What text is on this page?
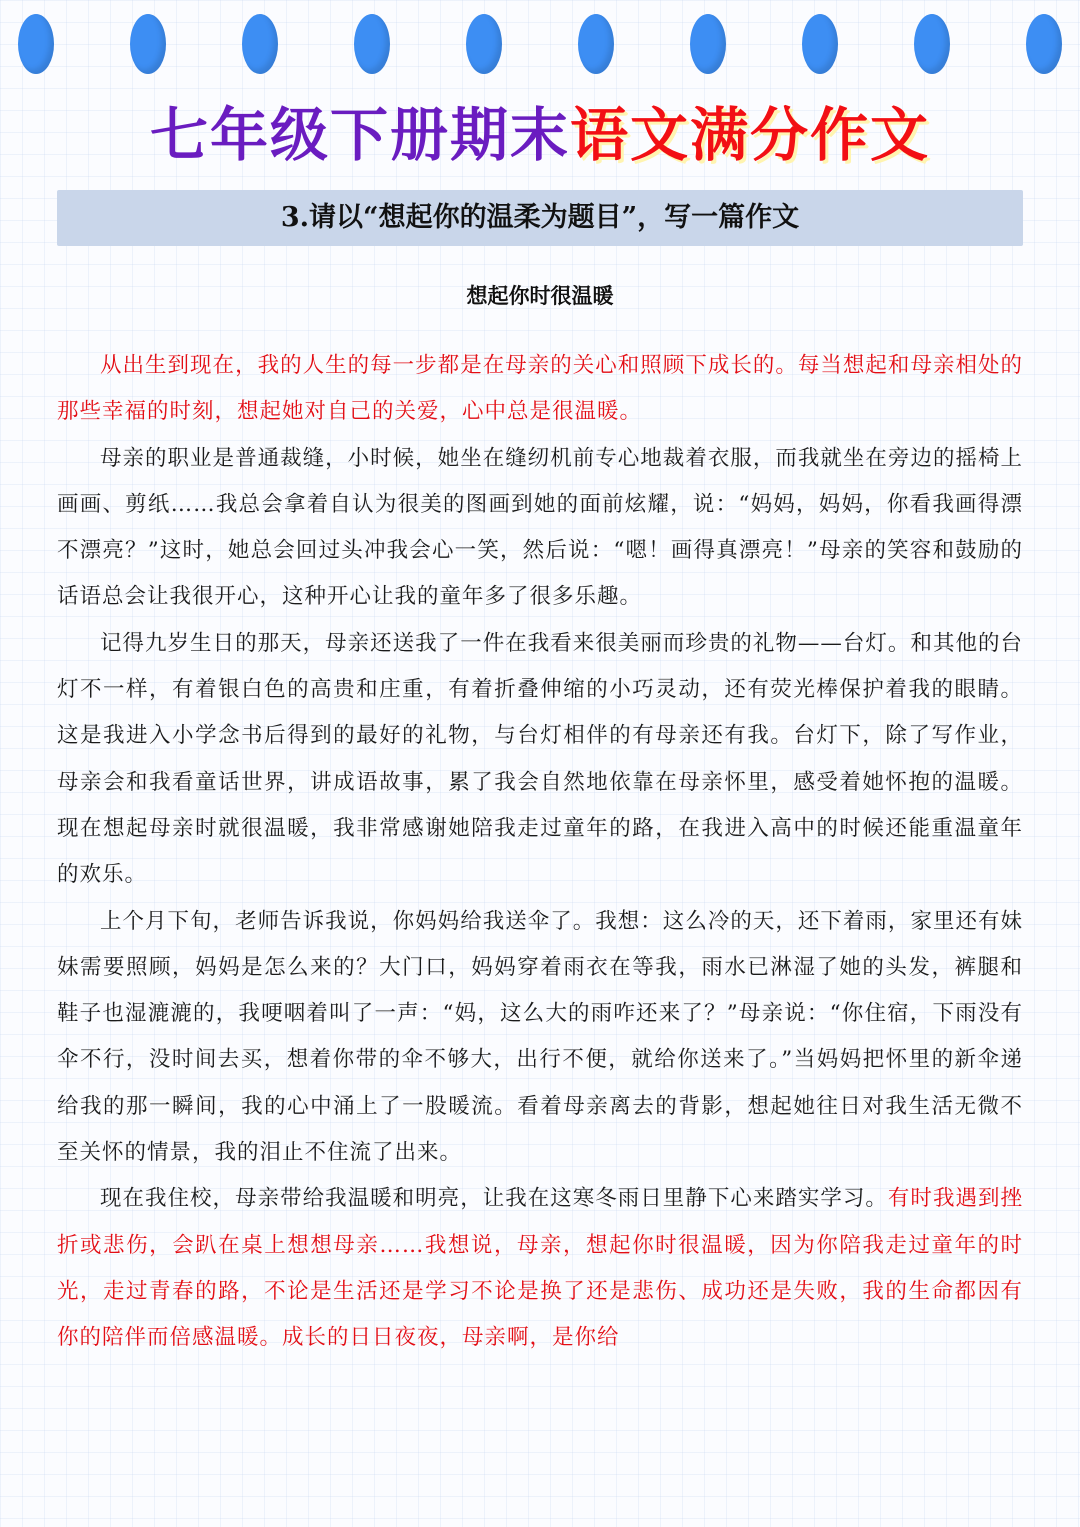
七年级下册期末语文满分作文
3.请以“想起你的温柔为题目”，写一篇作文
想起你时很温暖

从出生到现在，我的人生的每一步都是在母亲的关心和照顾下成长的。每当想起和母亲相处的那些幸福的时刻，想起她对自己的关爱，心中总是很温暖。

母亲的职业是普通裁缝，小时候，她坐在缝纫机前专心地裁着衣服，而我就坐在旁边的摇椅上画画、剪纸……我总会拿着自认为很美的图画到她的面前炫耀，说：“妈妈，妈妈，你看我画得漂不漂亮？”这时，她总会回过头冲我会心一笑，然后说：“嗯！画得真漂亮！”母亲的笑容和鼓励的话语总会让我很开心，这种开心让我的童年多了很多乐趣。

记得九岁生日的那天，母亲还送我了一件在我看来很美丽而珍贵的礼物——台灯。和其他的台灯不一样，有着银白色的高贵和庄重，有着折叠伸缩的小巧灵动，还有荧光棒保护着我的眼睛。这是我进入小学念书后得到的最好的礼物，与台灯相伴的有母亲还有我。台灯下，除了写作业，母亲会和我看童话世界，讲成语故事，累了我会自然地依靠在母亲怀里，感受着她怀抱的温暖。现在想起母亲时就很温暖，我非常感谢她陪我走过童年的路，在我进入高中的时候还能重温童年的欢乐。

上个月下旬，老师告诉我说，你妈妈给我送伞了。我想：这么冷的天，还下着雨，家里还有妹妹需要照顾，妈妈是怎么来的？大门口，妈妈穿着雨衣在等我，雨水已淋湿了她的头发，裤腿和鞋子也湿漉漉的，我哽咽着叫了一声：“妈，这么大的雨咋还来了？”母亲说：“你住宿，下雨没有伞不行，没时间去买，想着你带的伞不够大，出行不便，就给你送来了。”当妈妈把怀里的新伞递给我的那一瞬间，我的心中涌上了一股暖流。看着母亲离去的背影，想起她往日对我生活无微不至关怀的情景，我的泪止不住流了出来。

现在我住校，母亲带给我温暖和明亮，让我在这寒冬雨日里静下心来踏实学习。有时我遇到挫折或悲伤，会趴在桌上想想母亲……我想说，母亲，想起你时很温暖，因为你陪我走过童年的时光，走过青春的路，不论是生活还是学习不论是换了还是悲伤、成功还是失败，我的生命都因有你的陪伴而倍感温暖。成长的日日夜夜，母亲啊，是你给
